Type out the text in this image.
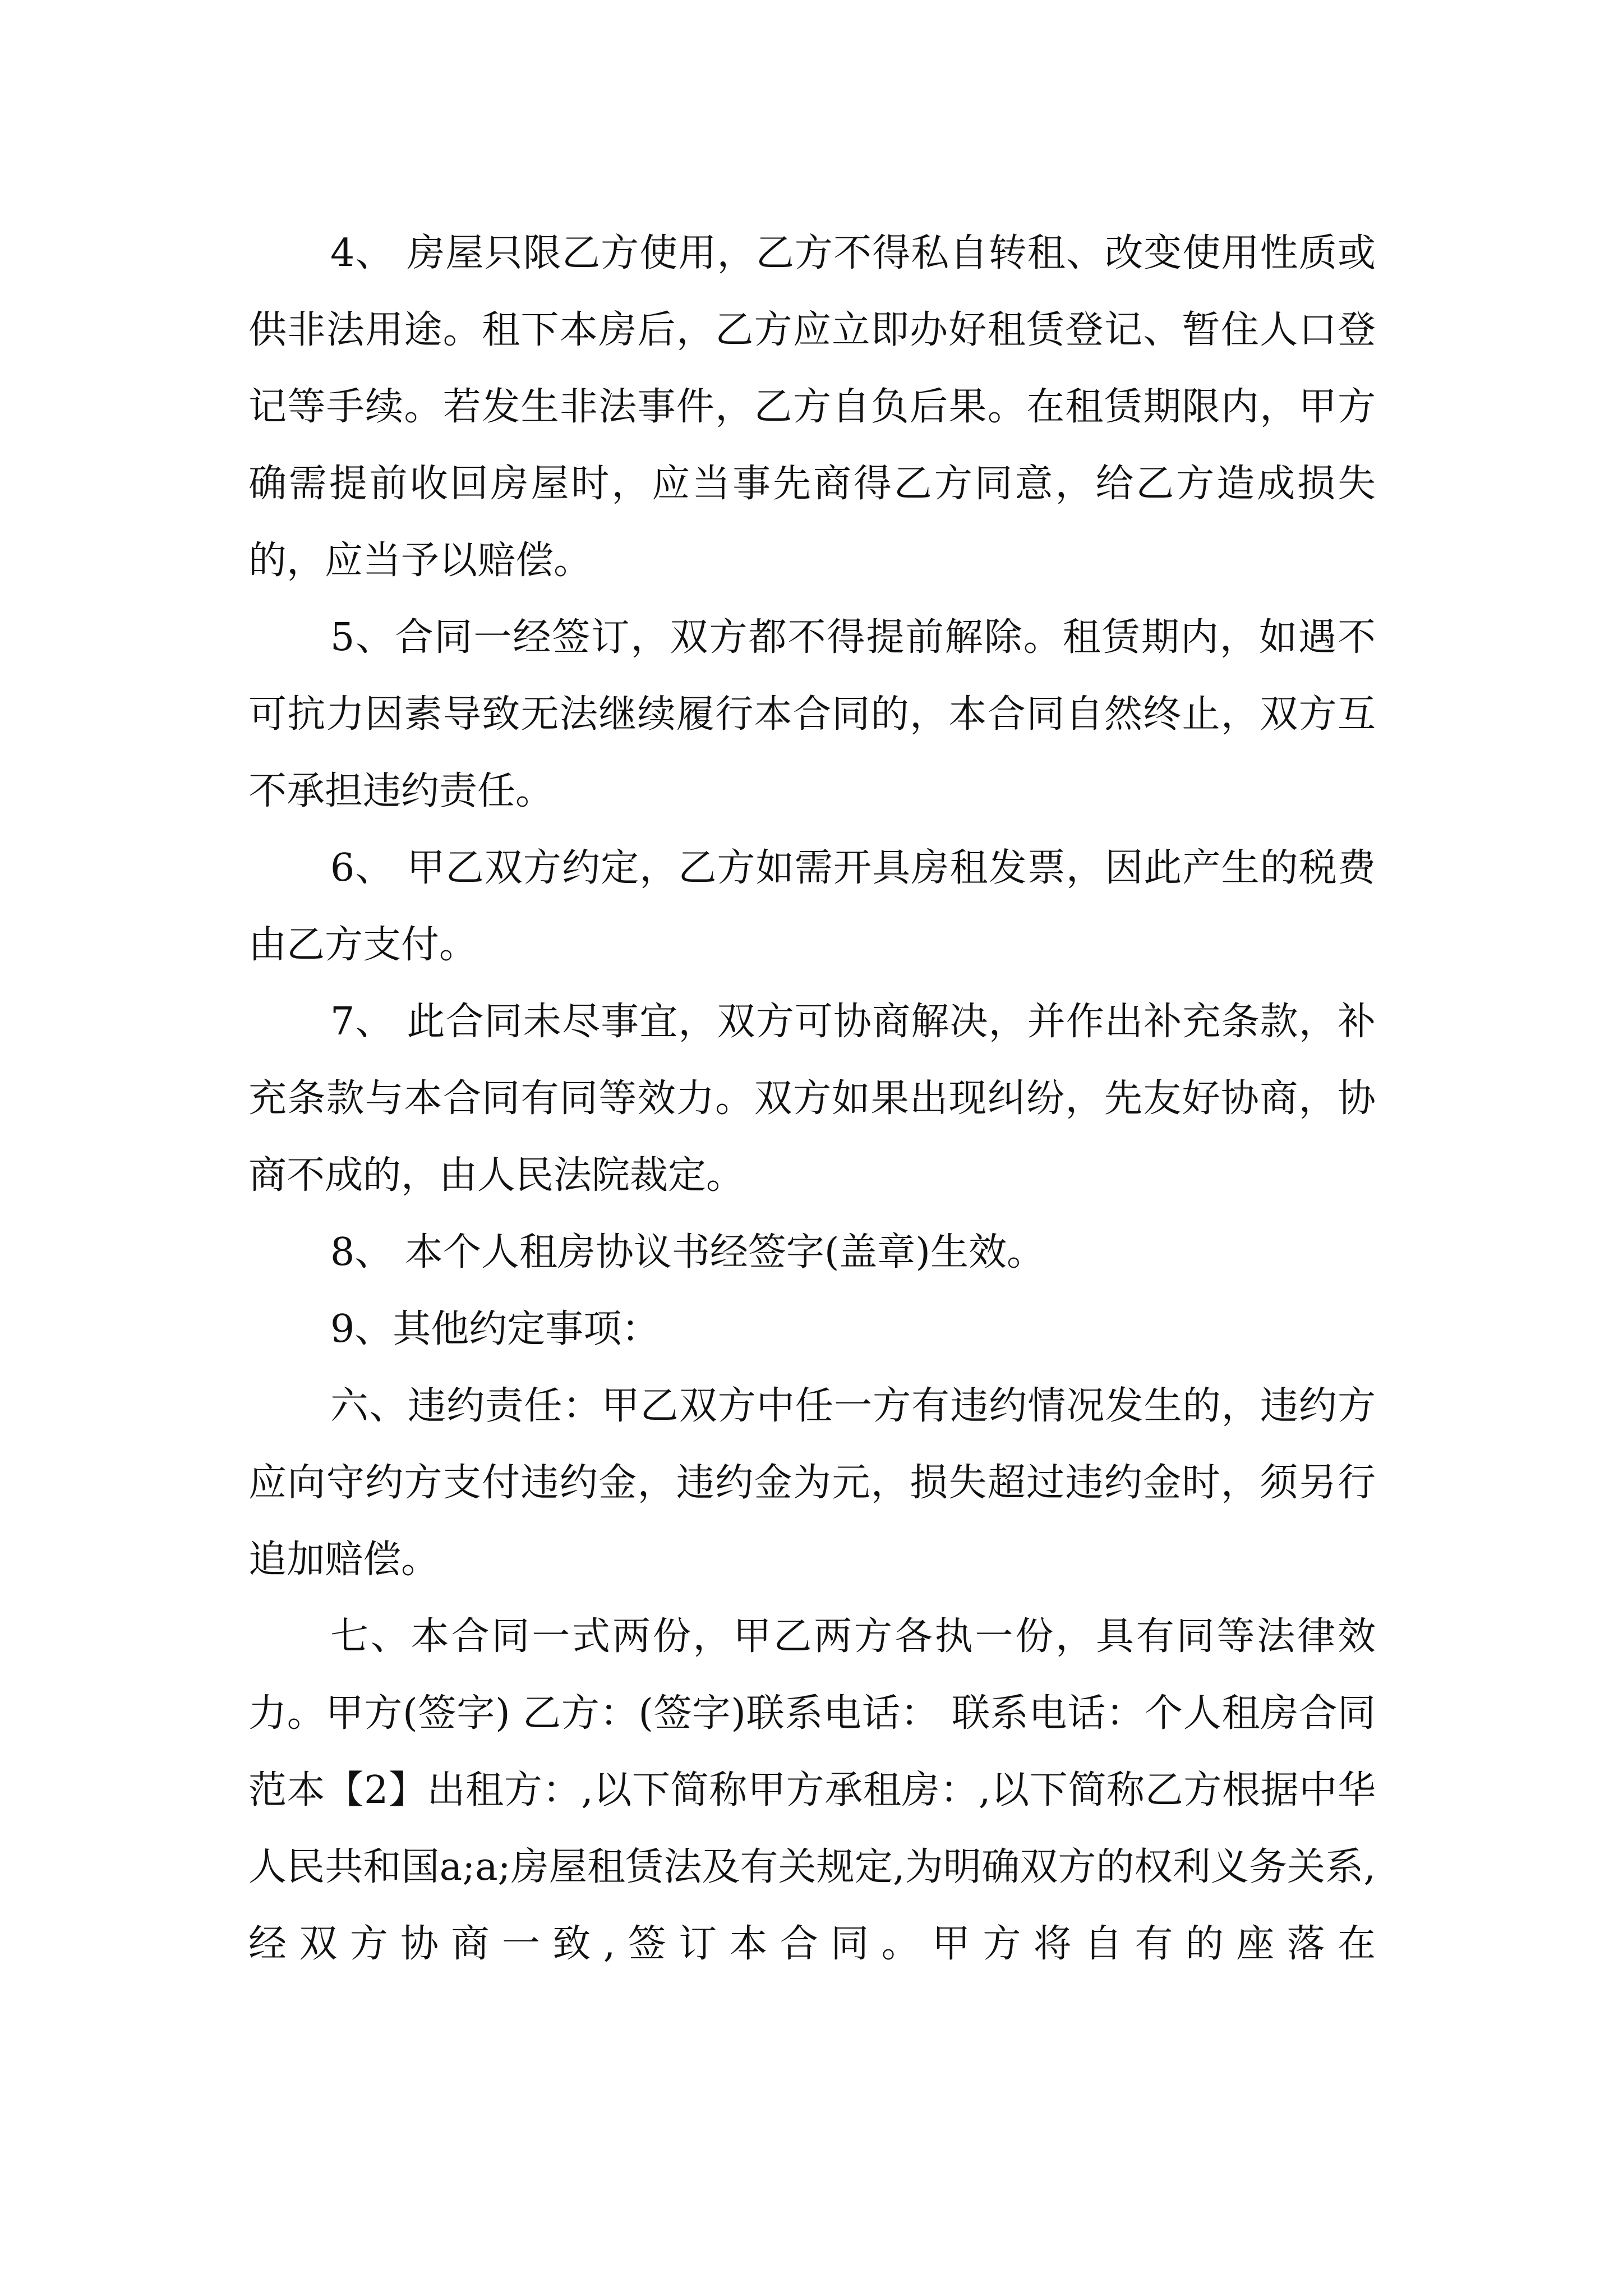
4、 房屋只限乙方使用，乙方不得私自转租、改变使用性质或供非法用途。租下本房后，乙方应立即办好租赁登记、暂住人口登记等手续。若发生非法事件，乙方自负后果。在租赁期限内，甲方确需提前收回房屋时，应当事先商得乙方同意，给乙方造成损失的，应当予以赔偿。

5、合同一经签订，双方都不得提前解除。租赁期内，如遇不可抗力因素导致无法继续履行本合同的，本合同自然终止，双方互不承担违约责任。

6、 甲乙双方约定，乙方如需开具房租发票，因此产生的税费由乙方支付。

7、 此合同未尽事宜，双方可协商解决，并作出补充条款，补充条款与本合同有同等效力。双方如果出现纠纷，先友好协商，协商不成的，由人民法院裁定。

8、 本个人租房协议书经签字(盖章)生效。

9、其他约定事项：

六、违约责任：甲乙双方中任一方有违约情况发生的，违约方应向守约方支付违约金，违约金为元，损失超过违约金时，须另行追加赔偿。

七、本合同一式两份，甲乙两方各执一份，具有同等法律效力。甲方(签字) 乙方：(签字)联系电话： 联系电话：个人租房合同范本【2】出租方：,以下简称甲方承租房：,以下简称乙方根据中华人民共和国a;a;房屋租赁法及有关规定,为明确双方的权利义务关系,经双方协商一致,签订本合同。甲方将自有的座落在
